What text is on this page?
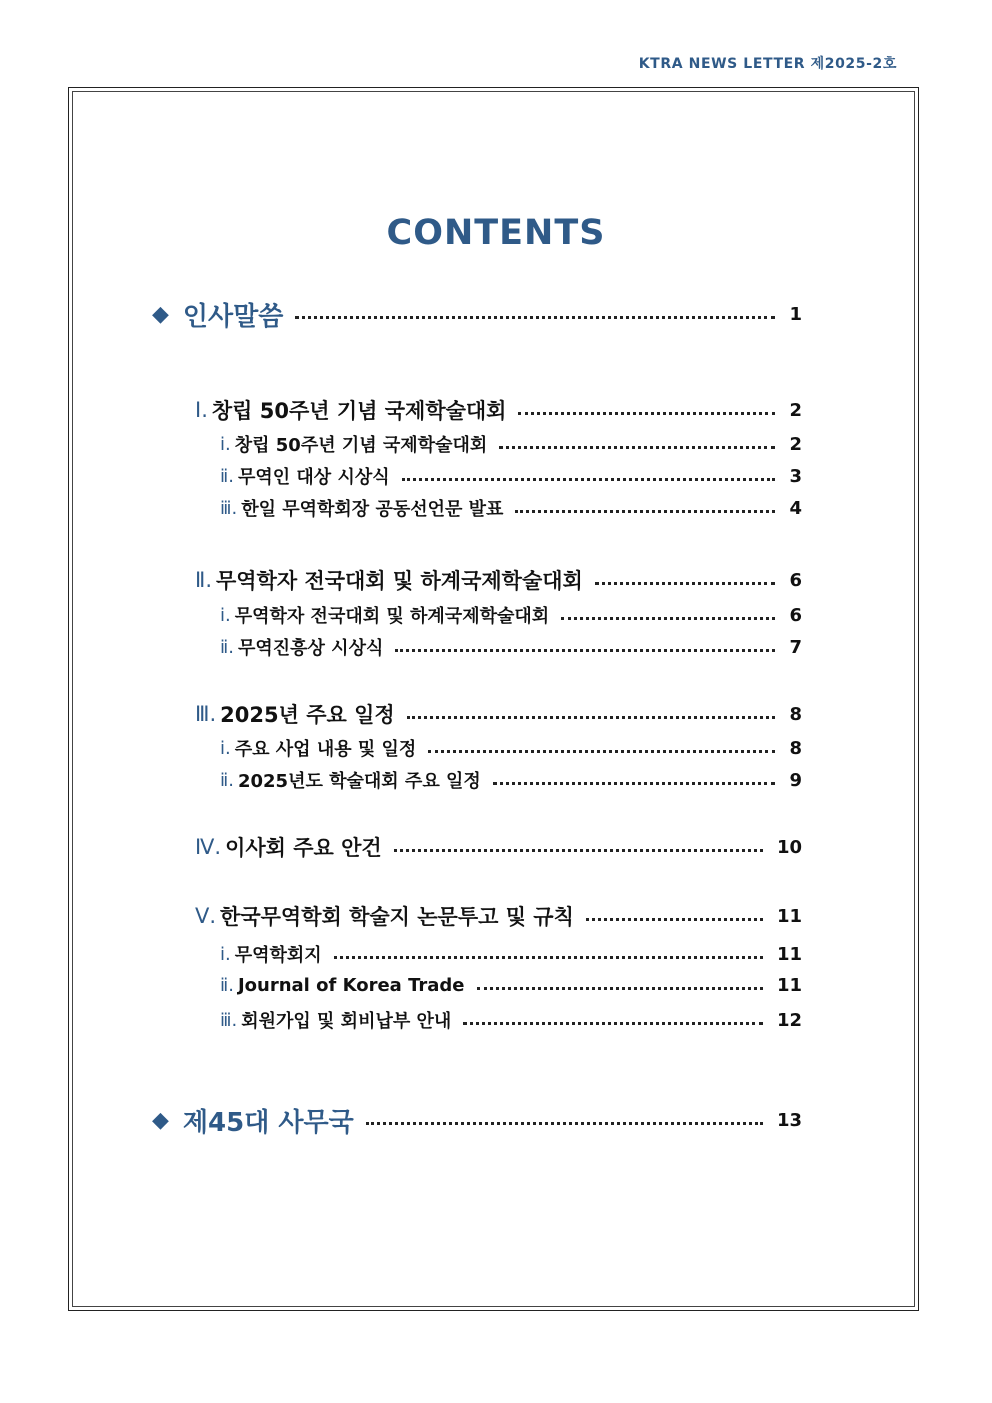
KTRA NEWS LETTER 제2025-2호
CONTENTS
◆ 인사말씀	1
Ⅰ. 창립 50주년 기념 국제학술대회	2
ⅰ. 창립 50주년 기념 국제학술대회	2
ⅱ. 무역인 대상 시상식	3
ⅲ. 한일 무역학회장 공동선언문 발표	4
Ⅱ. 무역학자 전국대회 및 하계국제학술대회	6
ⅰ. 무역학자 전국대회 및 하계국제학술대회	6
ⅱ. 무역진흥상 시상식	7
Ⅲ. 2025년 주요 일정	8
ⅰ. 주요 사업 내용 및 일정	8
ⅱ. 2025년도 학술대회 주요 일정	9
Ⅳ. 이사회 주요 안건	10
Ⅴ. 한국무역학회 학술지 논문투고 및 규칙	11
ⅰ. 무역학회지	11
ⅱ. Journal of Korea Trade	11
ⅲ. 회원가입 및 회비납부 안내	12
◆ 제45대 사무국	13
